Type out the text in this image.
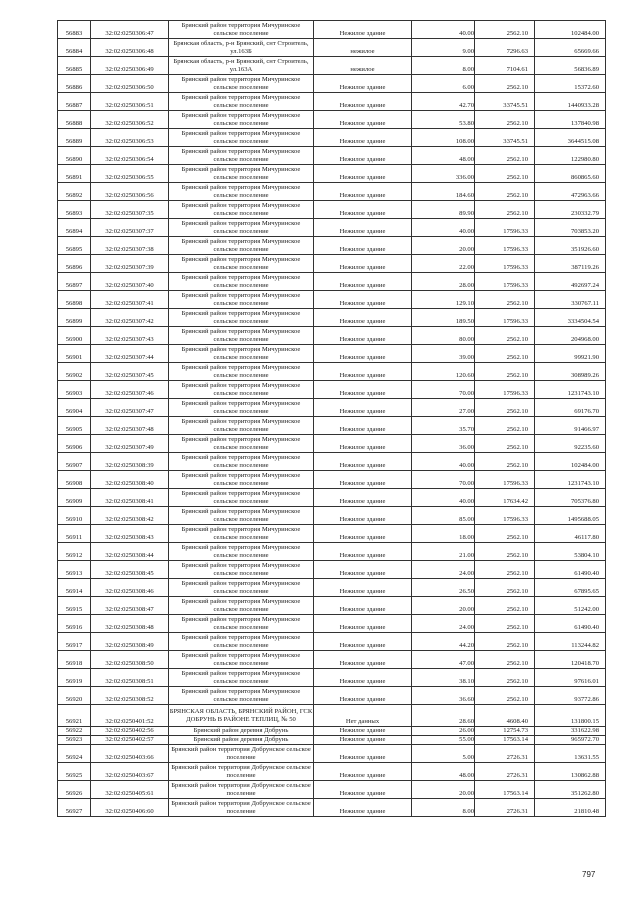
56883	32:02:0250306:47	Брянский район территория Мичуринское сельское поселение	Нежилое здание	40.00	2562.10	102484.00
56884	32:02:0250306:48	Брянская область, р-н Брянский, снт Строитель, ул.163Б	нежилое	9.00	7296.63	65669.66
56885	32:02:0250306:49	Брянская область, р-н Брянский, снт Строитель, ул.163А	нежилое	8.00	7104.61	56836.89
56886	32:02:0250306:50	Брянский район территория Мичуринское сельское поселение	Нежилое здание	6.00	2562.10	15372.60
56887	32:02:0250306:51	Брянский район территория Мичуринское сельское поселение	Нежилое здание	42.70	33745.51	1440933.28
56888	32:02:0250306:52	Брянский район территория Мичуринское сельское поселение	Нежилое здание	53.80	2562.10	137840.98
56889	32:02:0250306:53	Брянский район территория Мичуринское сельское поселение	Нежилое здание	108.00	33745.51	3644515.08
56890	32:02:0250306:54	Брянский район территория Мичуринское сельское поселение	Нежилое здание	48.00	2562.10	122980.80
56891	32:02:0250306:55	Брянский район территория Мичуринское сельское поселение	Нежилое здание	336.00	2562.10	860865.60
56892	32:02:0250306:56	Брянский район территория Мичуринское сельское поселение	Нежилое здание	184.60	2562.10	472963.66
56893	32:02:0250307:35	Брянский район территория Мичуринское сельское поселение	Нежилое здание	89.90	2562.10	230332.79
56894	32:02:0250307:37	Брянский район территория Мичуринское сельское поселение	Нежилое здание	40.00	17596.33	703853.20
56895	32:02:0250307:38	Брянский район территория Мичуринское сельское поселение	Нежилое здание	20.00	17596.33	351926.60
56896	32:02:0250307:39	Брянский район территория Мичуринское сельское поселение	Нежилое здание	22.00	17596.33	387119.26
56897	32:02:0250307:40	Брянский район территория Мичуринское сельское поселение	Нежилое здание	28.00	17596.33	492697.24
56898	32:02:0250307:41	Брянский район территория Мичуринское сельское поселение	Нежилое здание	129.10	2562.10	330767.11
56899	32:02:0250307:42	Брянский район территория Мичуринское сельское поселение	Нежилое здание	189.50	17596.33	3334504.54
56900	32:02:0250307:43	Брянский район территория Мичуринское сельское поселение	Нежилое здание	80.00	2562.10	204968.00
56901	32:02:0250307:44	Брянский район территория Мичуринское сельское поселение	Нежилое здание	39.00	2562.10	99921.90
56902	32:02:0250307:45	Брянский район территория Мичуринское сельское поселение	Нежилое здание	120.60	2562.10	308989.26
56903	32:02:0250307:46	Брянский район территория Мичуринское сельское поселение	Нежилое здание	70.00	17596.33	1231743.10
56904	32:02:0250307:47	Брянский район территория Мичуринское сельское поселение	Нежилое здание	27.00	2562.10	69176.70
56905	32:02:0250307:48	Брянский район территория Мичуринское сельское поселение	Нежилое здание	35.70	2562.10	91466.97
56906	32:02:0250307:49	Брянский район территория Мичуринское сельское поселение	Нежилое здание	36.00	2562.10	92235.60
56907	32:02:0250308:39	Брянский район территория Мичуринское сельское поселение	Нежилое здание	40.00	2562.10	102484.00
56908	32:02:0250308:40	Брянский район территория Мичуринское сельское поселение	Нежилое здание	70.00	17596.33	1231743.10
56909	32:02:0250308:41	Брянский район территория Мичуринское сельское поселение	Нежилое здание	40.00	17634.42	705376.80
56910	32:02:0250308:42	Брянский район территория Мичуринское сельское поселение	Нежилое здание	85.00	17596.33	1495688.05
56911	32:02:0250308:43	Брянский район территория Мичуринское сельское поселение	Нежилое здание	18.00	2562.10	46117.80
56912	32:02:0250308:44	Брянский район территория Мичуринское сельское поселение	Нежилое здание	21.00	2562.10	53804.10
56913	32:02:0250308:45	Брянский район территория Мичуринское сельское поселение	Нежилое здание	24.00	2562.10	61490.40
56914	32:02:0250308:46	Брянский район территория Мичуринское сельское поселение	Нежилое здание	26.50	2562.10	67895.65
56915	32:02:0250308:47	Брянский район территория Мичуринское сельское поселение	Нежилое здание	20.00	2562.10	51242.00
56916	32:02:0250308:48	Брянский район территория Мичуринское сельское поселение	Нежилое здание	24.00	2562.10	61490.40
56917	32:02:0250308:49	Брянский район территория Мичуринское сельское поселение	Нежилое здание	44.20	2562.10	113244.82
56918	32:02:0250308:50	Брянский район территория Мичуринское сельское поселение	Нежилое здание	47.00	2562.10	120418.70
56919	32:02:0250308:51	Брянский район территория Мичуринское сельское поселение	Нежилое здание	38.10	2562.10	97616.01
56920	32:02:0250308:52	Брянский район территория Мичуринское сельское поселение	Нежилое здание	36.60	2562.10	93772.86
56921	32:02:0250401:52	БРЯНСКАЯ ОБЛАСТЬ, БРЯНСКИЙ РАЙОН, ГСК ДОБРУНЬ В РАЙОНЕ ТЕПЛИЦ, № 50	Нет данных	28.60	4608.40	131800.15
56922	32:02:0250402:56	Брянский район деревня Добрунь	Нежилое здание	26.00	12754.73	331622.98
56923	32:02:0250402:57	Брянский район деревня Добрунь	Нежилое здание	55.00	17563.14	965972.70
56924	32:02:0250403:66	Брянский район территория Добрунское сельское поселение	Нежилое здание	5.00	2726.31	13631.55
56925	32:02:0250403:67	Брянский район территория Добрунское сельское поселение	Нежилое здание	48.00	2726.31	130862.88
56926	32:02:0250405:61	Брянский район территория Добрунское сельское поселение	Нежилое здание	20.00	17563.14	351262.80
56927	32:02:0250406:60	Брянский район территория Добрунское сельское поселение	Нежилое здание	8.00	2726.31	21810.48
797
